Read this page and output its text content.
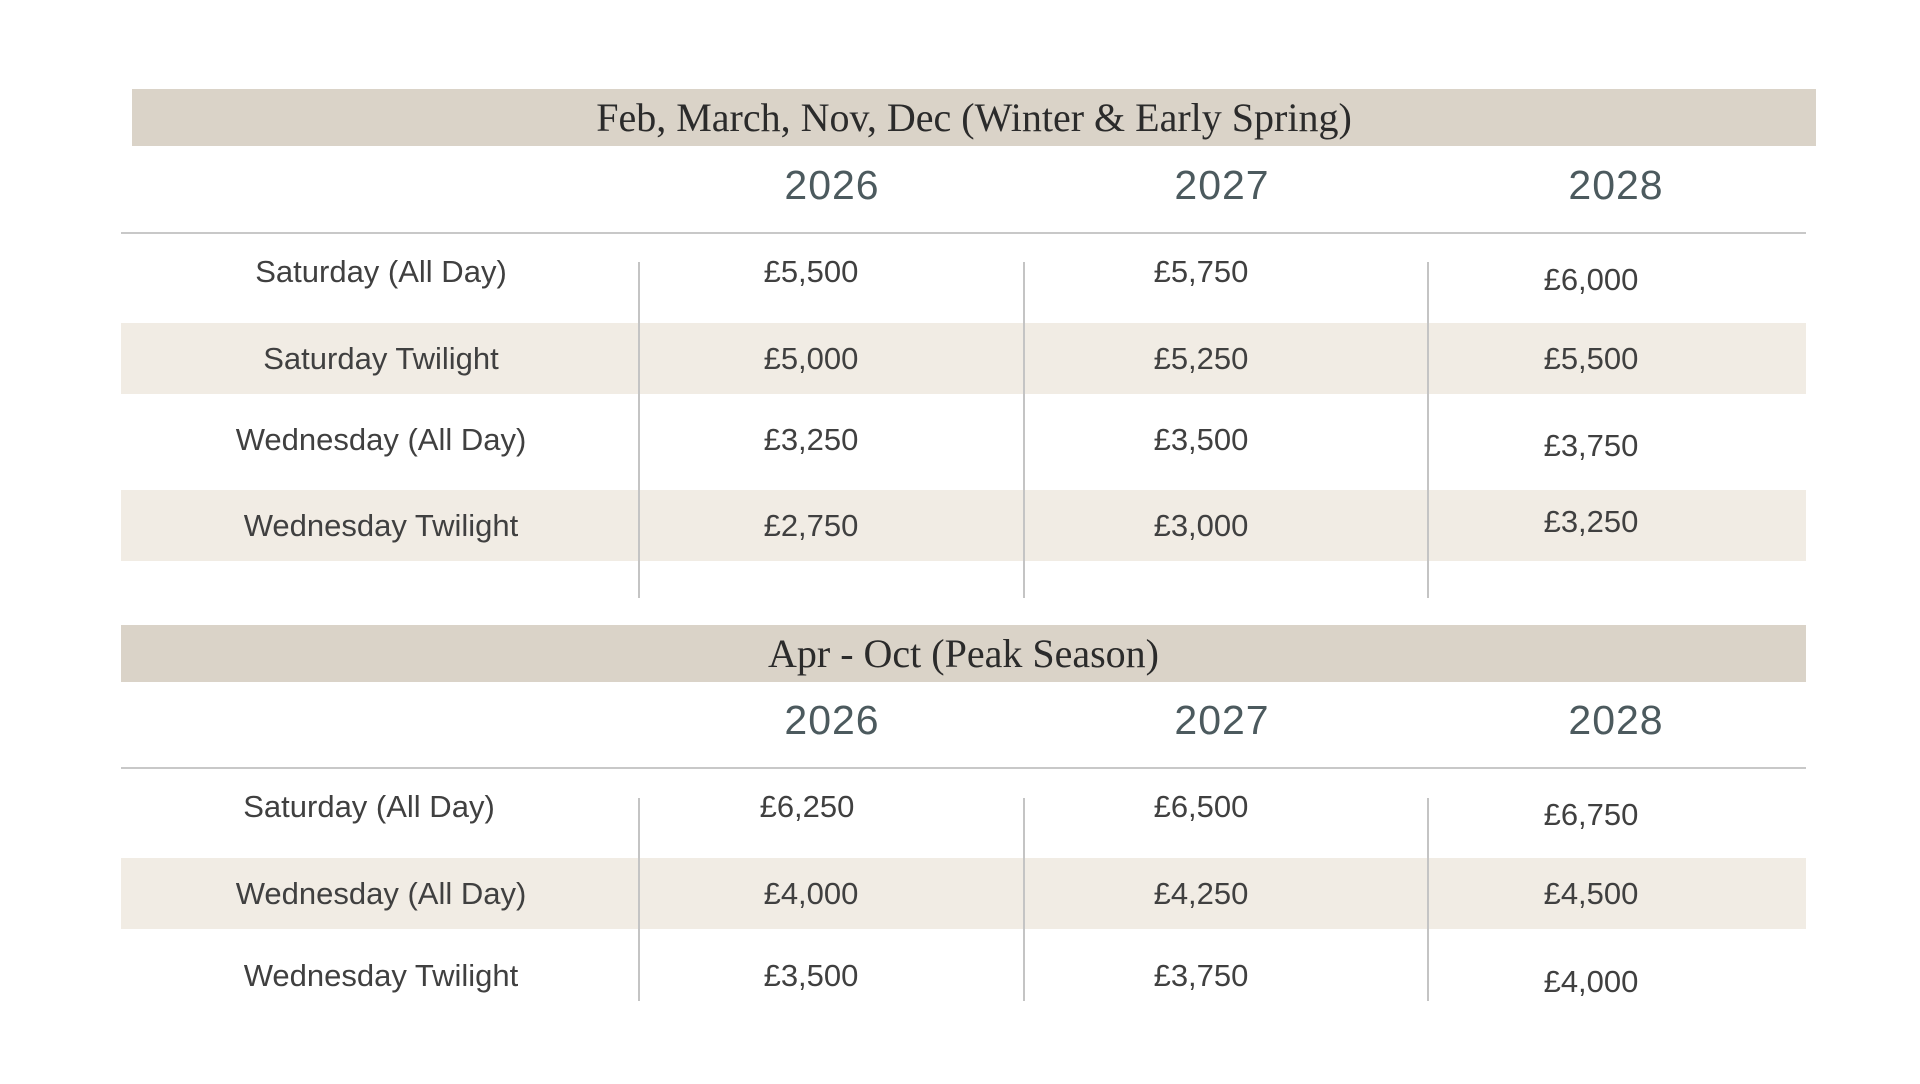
Feb, March, Nov, Dec (Winter & Early Spring)
2026	2027	2028
Saturday (All Day)	£5,500	£5,750	£6,000
Saturday Twilight	£5,000	£5,250	£5,500
Wednesday (All Day)	£3,250	£3,500	£3,750
Wednesday Twilight	£2,750	£3,000	£3,250
Apr - Oct (Peak Season)
2026	2027	2028
Saturday (All Day)	£6,250	£6,500	£6,750
Wednesday (All Day)	£4,000	£4,250	£4,500
Wednesday Twilight	£3,500	£3,750	£4,000
